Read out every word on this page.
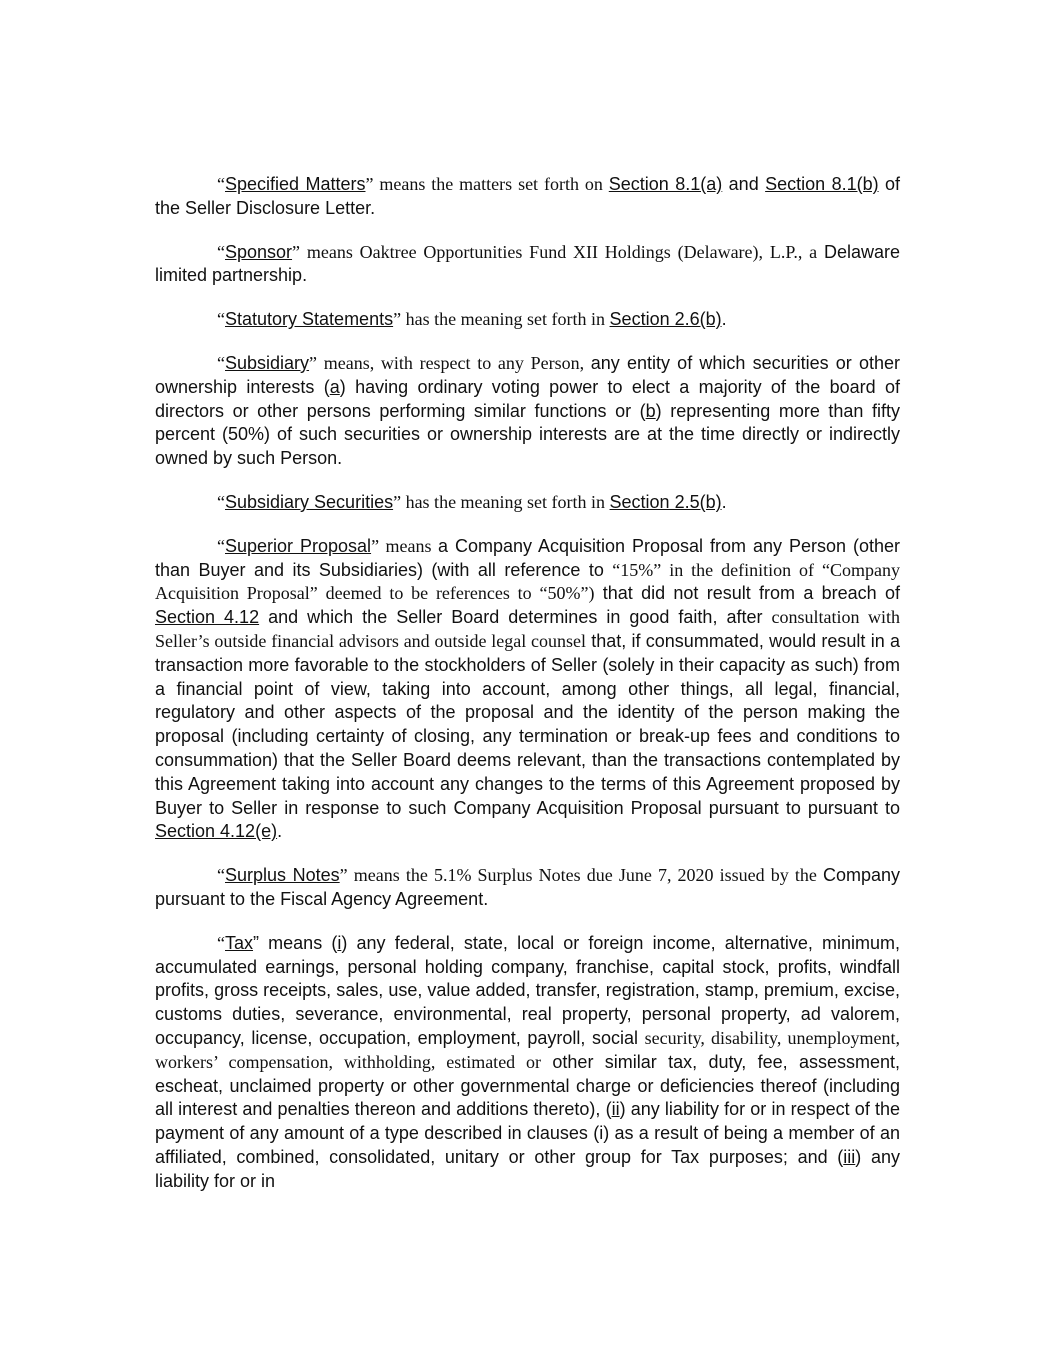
“Specified Matters” means the matters set forth on Section 8.1(a) and Section 8.1(b) of the Seller Disclosure Letter.

“Sponsor” means Oaktree Opportunities Fund XII Holdings (Delaware), L.P., a Delaware limited partnership.

“Statutory Statements” has the meaning set forth in Section 2.6(b).

“Subsidiary” means, with respect to any Person, any entity of which securities or other ownership interests (a) having ordinary voting power to elect a majority of the board of directors or other persons performing similar functions or (b) representing more than fifty percent (50%) of such securities or ownership interests are at the time directly or indirectly owned by such Person.

“Subsidiary Securities” has the meaning set forth in Section 2.5(b).

“Superior Proposal” means a Company Acquisition Proposal from any Person (other than Buyer and its Subsidiaries) (with all reference to “15%” in the definition of “Company Acquisition Proposal” deemed to be references to “50%”) that did not result from a breach of Section 4.12 and which the Seller Board determines in good faith, after consultation with Seller’s outside financial advisors and outside legal counsel that, if consummated, would result in a transaction more favorable to the stockholders of Seller (solely in their capacity as such) from a financial point of view, taking into account, among other things, all legal, financial, regulatory and other aspects of the proposal and the identity of the person making the proposal (including certainty of closing, any termination or break-up fees and conditions to consummation) that the Seller Board deems relevant, than the transactions contemplated by this Agreement taking into account any changes to the terms of this Agreement proposed by Buyer to Seller in response to such Company Acquisition Proposal pursuant to pursuant to Section 4.12(e).

“Surplus Notes” means the 5.1% Surplus Notes due June 7, 2020 issued by the Company pursuant to the Fiscal Agency Agreement.

“Tax” means (i) any federal, state, local or foreign income, alternative, minimum, accumulated earnings, personal holding company, franchise, capital stock, profits, windfall profits, gross receipts, sales, use, value added, transfer, registration, stamp, premium, excise, customs duties, severance, environmental, real property, personal property, ad valorem, occupancy, license, occupation, employment, payroll, social security, disability, unemployment, workers’ compensation, withholding, estimated or other similar tax, duty, fee, assessment, escheat, unclaimed property or other governmental charge or deficiencies thereof (including all interest and penalties thereon and additions thereto), (ii) any liability for or in respect of the payment of any amount of a type described in clauses (i) as a result of being a member of an affiliated, combined, consolidated, unitary or other group for Tax purposes; and (iii) any liability for or in
